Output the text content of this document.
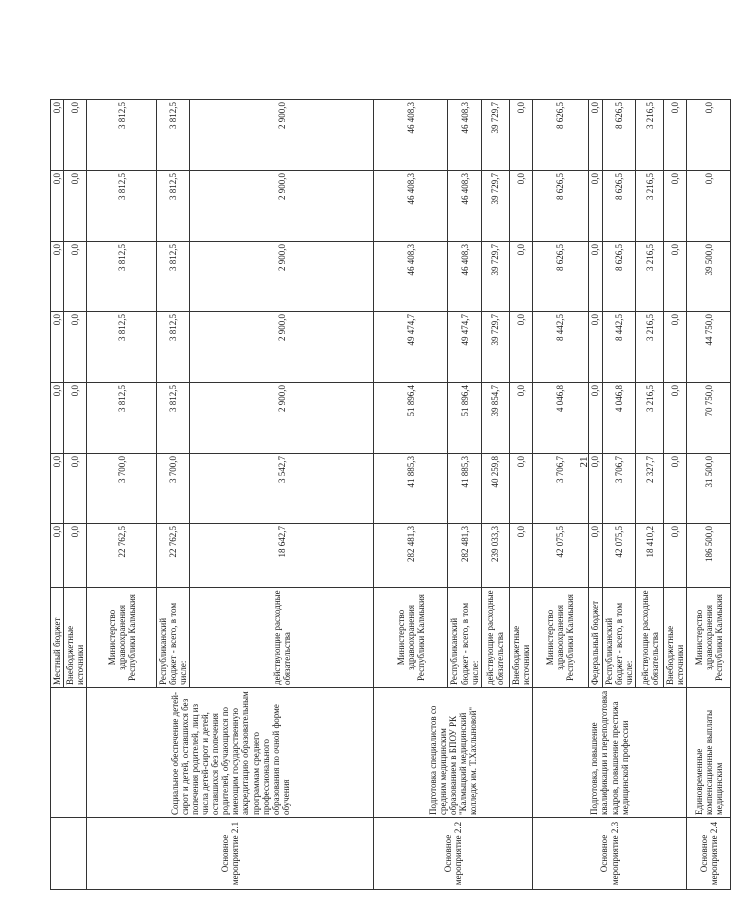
		Местный бюджет	0,0	0,0	0,0	0,0	0,0	0,0	0,0
		Внебюджетные источники	0,0	0,0	0,0	0,0	0,0	0,0	0,0
Основное мероприятие 2.1	Социальное обеспечение детей-сирот и детей, оставшихся без попечения родителей, лиц из числа детей-сирот и детей, оставшихся без попечения родителей, обучающихся по имеющим государственную аккредитацию образовательным программам среднего профессионального образования по очной форме обучения	Министерство здравоохранения Республики Калмыкия	22 762,5	3 700,0	3 812,5	3 812,5	3 812,5	3 812,5	3 812,5
		Республиканский бюджет - всего, в том числе:	22 762,5	3 700,0	3 812,5	3 812,5	3 812,5	3 812,5	3 812,5
		действующие расходные обязательства	18 642,7	3 542,7	2 900,0	2 900,0	2 900,0	2 900,0	2 900,0
Основное мероприятие 2.2	Подготовка специалистов со средним медицинским образованием в БПОУ РК "Калмыцкий медицинский колледж им. Т.Хахлыновой"	Министерство здравоохранения Республики Калмыкия	282 481,3	41 885,3	51 896,4	49 474,7	46 408,3	46 408,3	46 408,3
		Республиканский бюджет - всего, в том числе:	282 481,3	41 885,3	51 896,4	49 474,7	46 408,3	46 408,3	46 408,3
		действующие расходные обязательства	239 033,3	40 259,8	39 854,7	39 729,7	39 729,7	39 729,7	39 729,7
		Внебюджетные источники	0,0	0,0	0,0	0,0	0,0	0,0	0,0
Основное мероприятие 2.3	Подготовка, повышение квалификации и переподготовка кадров, повышение престижа медицинской профессии	Министерство здравоохранения Республики Калмыкия	42 075,5	3 706,7	4 046,8	8 442,5	8 626,5	8 626,5	8 626,5
		Федеральный бюджет	0,0	0,0	0,0	0,0	0,0	0,0	0,0
		Республиканский бюджет - всего, в том числе:	42 075,5	3 706,7	4 046,8	8 442,5	8 626,5	8 626,5	8 626,5
		действующие расходные обязательства	18 410,2	2 327,7	3 216,5	3 216,5	3 216,5	3 216,5	3 216,5
		Внебюджетные источники	0,0	0,0	0,0	0,0	0,0	0,0	0,0
Основное мероприятие 2.4	Единовременные компенсационные выплаты медицинским	Министерство здравоохранения Республики Калмыкия	186 500,0	31 500,0	70 750,0	44 750,0	39 500,0	0,0	0,0
21
